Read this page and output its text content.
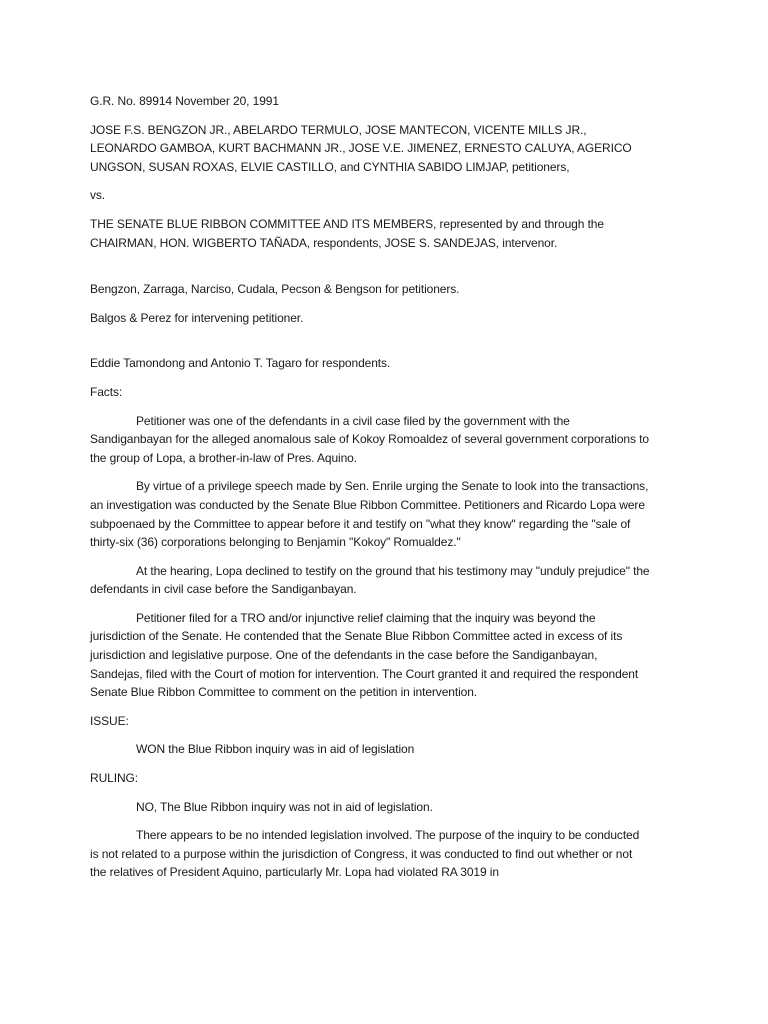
G.R. No. 89914 November 20, 1991

JOSE F.S. BENGZON JR., ABELARDO TERMULO, JOSE MANTECON, VICENTE MILLS JR., LEONARDO GAMBOA, KURT BACHMANN JR., JOSE V.E. JIMENEZ, ERNESTO CALUYA, AGERICO UNGSON, SUSAN ROXAS, ELVIE CASTILLO, and CYNTHIA SABIDO LIMJAP, petitioners,

vs.

THE SENATE BLUE RIBBON COMMITTEE AND ITS MEMBERS, represented by and through the CHAIRMAN, HON. WIGBERTO TAÑADA, respondents, JOSE S. SANDEJAS, intervenor.

Bengzon, Zarraga, Narciso, Cudala, Pecson & Bengson for petitioners.

Balgos & Perez for intervening petitioner.

Eddie Tamondong and Antonio T. Tagaro for respondents.

Facts:

Petitioner was one of the defendants in a civil case filed by the government with the Sandiganbayan for the alleged anomalous sale of Kokoy Romoaldez of several government corporations to the group of Lopa, a brother-in-law of Pres. Aquino.

By virtue of a privilege speech made by Sen. Enrile urging the Senate to look into the transactions, an investigation was conducted by the Senate Blue Ribbon Committee. Petitioners and Ricardo Lopa were subpoenaed by the Committee to appear before it and testify on "what they know" regarding the "sale of thirty-six (36) corporations belonging to Benjamin "Kokoy" Romualdez."

At the hearing, Lopa declined to testify on the ground that his testimony may "unduly prejudice" the defendants in civil case before the Sandiganbayan.

Petitioner filed for a TRO and/or injunctive relief claiming that the inquiry was beyond the jurisdiction of the Senate. He contended that the Senate Blue Ribbon Committee acted in excess of its jurisdiction and legislative purpose. One of the defendants in the case before the Sandiganbayan, Sandejas, filed with the Court of motion for intervention. The Court granted it and required the respondent Senate Blue Ribbon Committee to comment on the petition in intervention.

ISSUE:

WON the Blue Ribbon inquiry was in aid of legislation

RULING:

NO, The Blue Ribbon inquiry was not in aid of legislation.

There appears to be no intended legislation involved. The purpose of the inquiry to be conducted is not related to a purpose within the jurisdiction of Congress, it was conducted to find out whether or not the relatives of President Aquino, particularly Mr. Lopa had violated RA 3019 in
